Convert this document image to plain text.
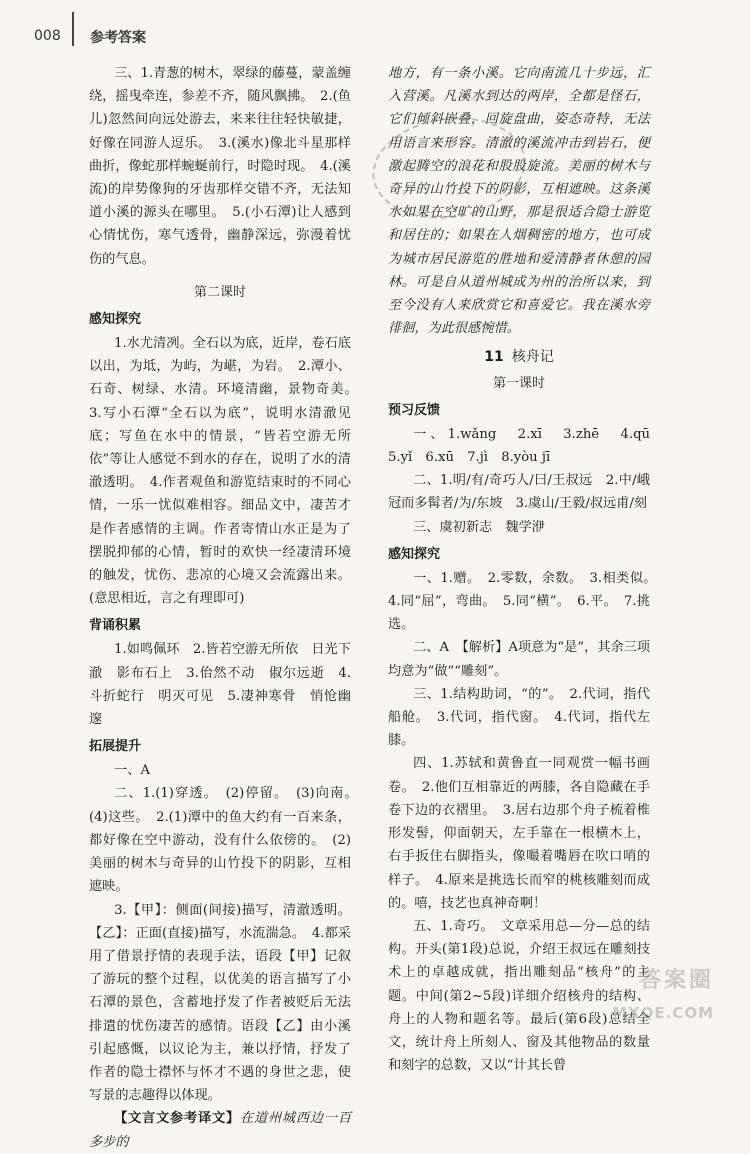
008 参考答案

三、1.青葱的树木，翠绿的藤蔓，蒙盖缠绕，摇曳牵连，参差不齐，随风飘拂。　2.(鱼儿)忽然间向远处游去，来来往往轻快敏捷，好像在同游人逗乐。　3.(溪水)像北斗星那样曲折，像蛇那样蜿蜒前行，时隐时现。　4.(溪流)的岸势像狗的牙齿那样交错不齐，无法知道小溪的源头在哪里。　5.(小石潭)让人感到心情忧伤，寒气透骨，幽静深远，弥漫着忧伤的气息。

第二课时

感知探究

1.水尤清冽。全石以为底，近岸，卷石底以出，为坻，为屿，为嵁，为岩。　2.潭小、石奇、树绿、水清。环境清幽，景物奇美。　3.写小石潭“全石以为底”，说明水清澈见底；写鱼在水中的情景，“皆若空游无所依”等让人感觉不到水的存在，说明了水的清澈透明。　4.作者观鱼和游览结束时的不同心情，一乐一忧似难相容。细品文中，凄苦才是作者感情的主调。作者寄情山水正是为了摆脱抑郁的心情，暂时的欢快一经凄清环境的触发，忧伤、悲凉的心境又会流露出来。(意思相近，言之有理即可)

背诵积累

1.如鸣佩环　2.皆若空游无所依　日光下澈　影布石上　3.佁然不动　俶尔远逝　4.斗折蛇行　明灭可见　5.凄神寒骨　悄怆幽邃

拓展提升

一、A

二、1.(1)穿透。　(2)停留。　(3)向南。　(4)这些。　2.(1)潭中的鱼大约有一百来条，都好像在空中游动，没有什么依傍的。　(2)美丽的树木与奇异的山竹投下的阴影，互相遮映。

3.【甲】：侧面(间接)描写，清澈透明。【乙】：正面(直接)描写，水流湍急。　4.都采用了借景抒情的表现手法，语段【甲】记叙了游玩的整个过程，以优美的语言描写了小石潭的景色，含蓄地抒发了作者被贬后无法排遣的忧伤凄苦的感情。语段【乙】由小溪引起感慨，以议论为主，兼以抒情，抒发了作者的隐士襟怀与怀才不遇的身世之悲，使写景的志趣得以体现。

【文言文参考译文】在道州城西边一百多步的

地方，有一条小溪。它向南流几十步远，汇入营溪。凡溪水到达的两岸，全都是怪石，它们倾斜嵌叠，回旋盘曲，姿态奇特，无法用语言来形容。清澈的溪流冲击到岩石，便激起腾空的浪花和股股旋流。美丽的树木与奇异的山竹投下的阴影，互相遮映。这条溪水如果在空旷的山野，那是很适合隐士游览和居住的；如果在人烟稠密的地方，也可成为城市居民游览的胜地和爱清静者休憩的园林。可是自从道州城成为州的治所以来，到至今没有人来欣赏它和喜爱它。我在溪水旁徘徊，为此很感惋惜。

11 核舟记

第一课时

预习反馈

一、1.wǎng　2.xī　3.zhē　4.qū　5.yǐ　6.xū　7.jì　8.yòu jī

二、1.明/有/奇巧人/曰/王叔远　2.中/峨冠而多髯者/为/东坡　3.虞山/王毅/叔远甫/刻

三、虞初新志　魏学洢

感知探究

一、1.赠。　2.零数，余数。　3.相类似。　4.同“屈”，弯曲。　5.同“横”。　6.平。　7.挑选。

二、A　【解析】A项意为“是”，其余三项均意为“做”“雕刻”。

三、1.结构助词，“的”。　2.代词，指代船舱。　3.代词，指代窗。　4.代词，指代左膝。

四、1.苏轼和黄鲁直一同观赏一幅书画卷。　2.他们互相靠近的两膝，各自隐藏在手卷下边的衣褶里。　3.居右边那个舟子梳着椎形发髻，仰面朝天，左手靠在一根横木上，右手扳住右脚指头，像嘬着嘴唇在吹口哨的样子。　4.原来是挑选长而窄的桃核雕刻而成的。嘻，技艺也真神奇啊！

五、1.奇巧。　文章采用总—分—总的结构。开头(第1段)总说，介绍王叔远在雕刻技术上的卓越成就，指出雕刻品“核舟”的主题。中间(第2~5段)详细介绍核舟的结构、舟上的人物和题名等。最后(第6段)总结全文，统计舟上所刻人、窗及其他物品的数量和刻字的总数，又以“计其长曾

答案圈
MXQE.COM
